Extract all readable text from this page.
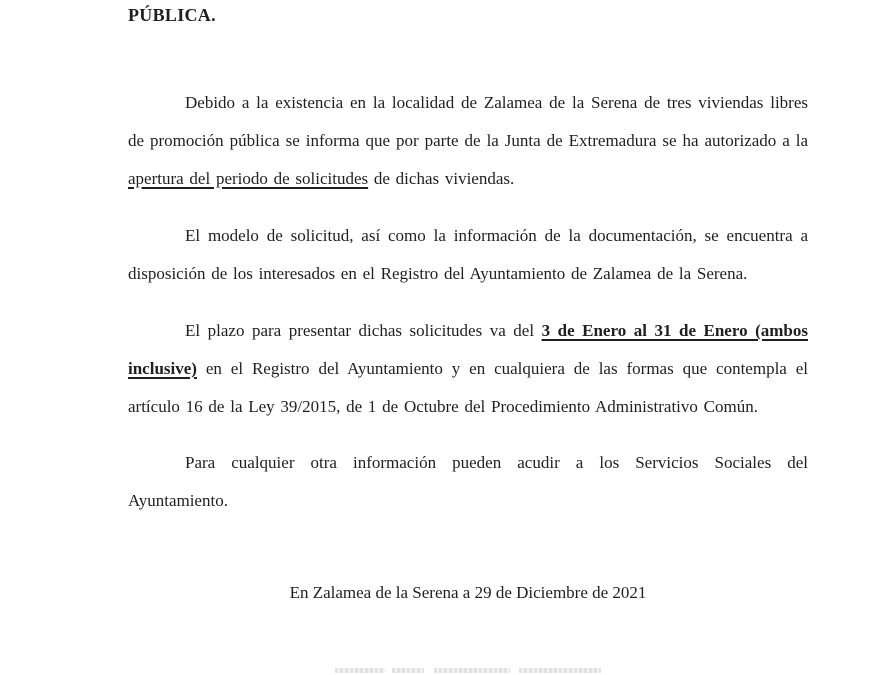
PÚBLICA.

Debido a la existencia en la localidad de Zalamea de la Serena de tres viviendas libres de promoción pública se informa que por parte de la Junta de Extremadura se ha autorizado a la apertura del periodo de solicitudes de dichas viviendas.

El modelo de solicitud, así como la información de la documentación, se encuentra a disposición de los interesados en el Registro del Ayuntamiento de Zalamea de la Serena.

El plazo para presentar dichas solicitudes va del 3 de Enero al 31 de Enero (ambos inclusive) en el Registro del Ayuntamiento y en cualquiera de las formas que contempla el artículo 16 de la Ley 39/2015, de 1 de Octubre del Procedimiento Administrativo Común.

Para cualquier otra información pueden acudir a los Servicios Sociales del Ayuntamiento.

En Zalamea de la Serena a 29 de Diciembre de 2021
